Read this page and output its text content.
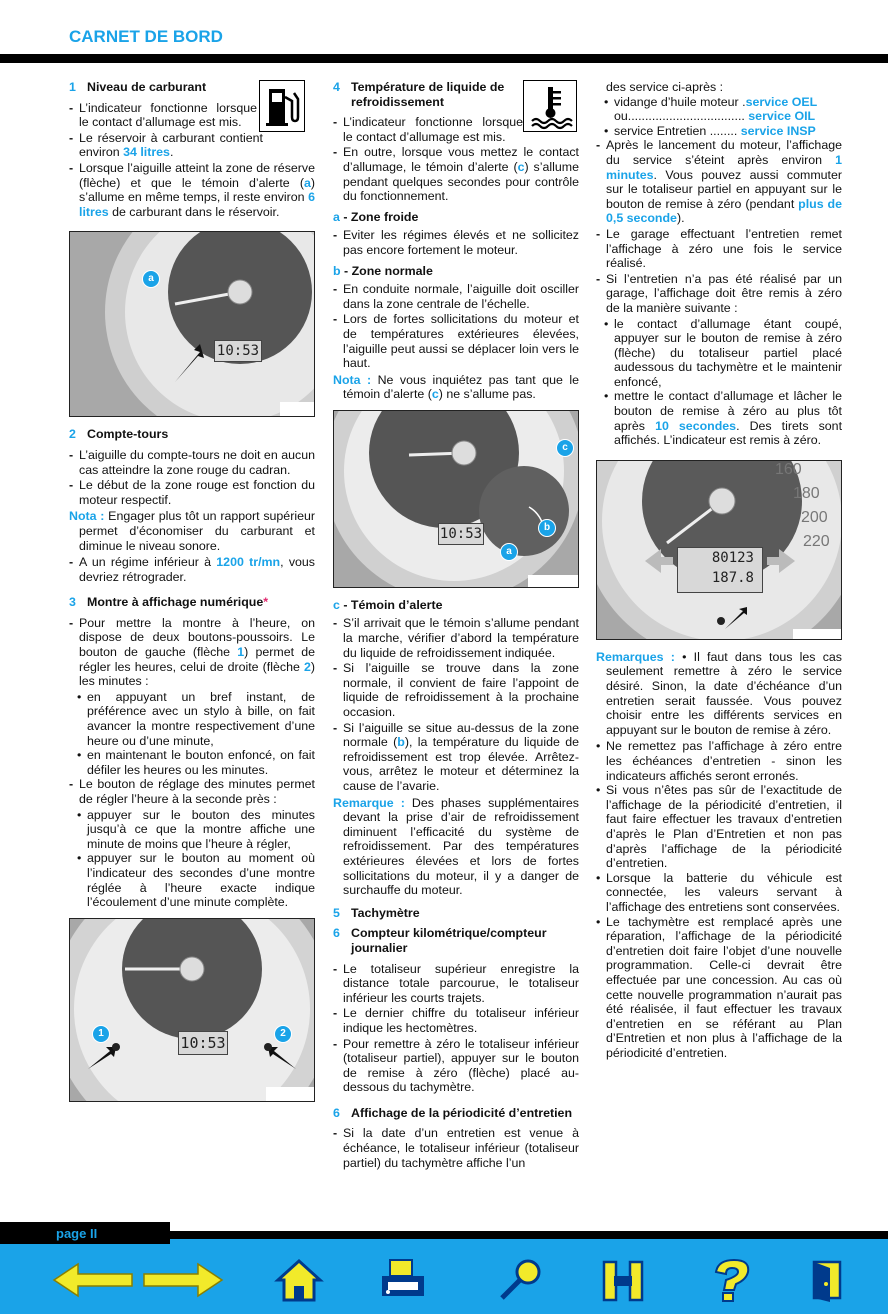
CARNET DE BORD
1 Niveau de carburant
- L’indicateur fonctionne lorsque le contact d’allumage est mis.
- Le réservoir à carburant contient environ 34 litres.
- Lorsque l’aiguille atteint la zone de réserve (flèche) et que le témoin d’alerte (a) s’allume en même temps, il reste environ 6 litres de carburant dans le réservoir.
a
10:53
2 Compte-tours
- L’aiguille du compte-tours ne doit en aucun cas atteindre la zone rouge du cadran.
- Le début de la zone rouge est fonction du moteur respectif.
Nota : Engager plus tôt un rapport supérieur permet d’économiser du carburant et diminue le niveau sonore.
- A un régime inférieur à 1200 tr/mn, vous devriez rétrograder.
3 Montre à affichage numérique*
- Pour mettre la montre à l’heure, on dispose de deux boutons-poussoirs. Le bouton de gauche (flèche 1) permet de régler les heures, celui de droite (flèche 2) les minutes :
• en appuyant un bref instant, de préférence avec un stylo à bille, on fait avancer la montre respectivement d’une heure ou d’une minute,
• en maintenant le bouton enfoncé, on fait défiler les heures ou les minutes.
- Le bouton de réglage des minutes permet de régler l’heure à la seconde près :
• appuyer sur le bouton des minutes jusqu’à ce que la montre affiche une minute de moins que l’heure à régler,
• appuyer sur le bouton au moment où l’indicateur des secondes d’une montre réglée à l’heure exacte indique l’écoulement d’une minute complète.
1	2
10:53
4 Température de liquide de refroidissement
- L’indicateur fonctionne lorsque le contact d’allumage est mis.
- En outre, lorsque vous mettez le contact d’allumage, le témoin d’alerte (c) s’allume pendant quelques secondes pour contrôle du fonctionnement.
a - Zone froide
- Eviter les régimes élevés et ne sollicitez pas encore fortement le moteur.
b - Zone normale
- En conduite normale, l’aiguille doit osciller dans la zone centrale de l’échelle.
- Lors de fortes sollicitations du moteur et de températures extérieures élevées, l’aiguille peut aussi se déplacer loin vers le haut.
Nota : Ne vous inquiétez pas tant que le témoin d’alerte (c) ne s’allume pas.
c
b
a
10:53
c - Témoin d’alerte
- S’il arrivait que le témoin s’allume pendant la marche, vérifier d’abord la température du liquide de refroidissement indiquée.
- Si l’aiguille se trouve dans la zone normale, il convient de faire l’appoint de liquide de refroidissement à la prochaine occasion.
- Si l’aiguille se situe au-dessus de la zone normale (b), la température du liquide de refroidissement est trop élevée. Arrêtez-vous, arrêtez le moteur et déterminez la cause de l’avarie.
Remarque : Des phases supplémentaires devant la prise d’air de refroidissement diminuent l’efficacité du système de refroidissement. Par des températures extérieures élevées et lors de fortes sollicitations du moteur, il y a danger de surchauffe du moteur.
5 Tachymètre
6 Compteur kilométrique/compteur journalier
- Le totaliseur supérieur enregistre la distance totale parcourue, le totaliseur inférieur les courts trajets.
- Le dernier chiffre du totaliseur inférieur indique les hectomètres.
- Pour remettre à zéro le totaliseur inférieur (totaliseur partiel), appuyer sur le bouton de remise à zéro (flèche) placé au-dessous du tachymètre.
6 Affichage de la périodicité d’entretien
- Si la date d’un entretien est venue à échéance, le totaliseur inférieur (totaliseur partiel) du tachymètre affiche l’un
des service ci-après :
• vidange d’huile moteur .service OEL
ou.................................. service OIL
• service Entretien ........ service INSP
- Après le lancement du moteur, l’affichage du service s’éteint après environ 1 minutes. Vous pouvez aussi commuter sur le totaliseur partiel en appuyant sur le bouton de remise à zéro (pendant plus de 0,5 seconde).
- Le garage effectuant l’entretien remet l’affichage à zéro une fois le service réalisé.
- Si l’entretien n’a pas été réalisé par un garage, l’affichage doit être remis à zéro de la manière suivante :
• le contact d’allumage étant coupé, appuyer sur le bouton de remise à zéro (flèche) du totaliseur partiel placé audessous du tachymètre et le maintenir enfoncé,
• mettre le contact d’allumage et lâcher le bouton de remise à zéro au plus tôt après 10 secondes. Des tirets sont affichés. L’indicateur est remis à zéro.
160
180
200
220
80123
187.8
Remarques : • Il faut dans tous les cas seulement remettre à zéro le service désiré. Sinon, la date d’échéance d’un entretien serait faussée. Vous pouvez choisir entre les différents services en appuyant sur le bouton de remise à zéro.
• Ne remettez pas l’affichage à zéro entre les échéances d’entretien - sinon les indicateurs affichés seront erronés.
• Si vous n’êtes pas sûr de l’exactitude de l’affichage de la périodicité d’entretien, il faut faire effectuer les travaux d’entretien d’après le Plan d’Entretien et non pas d’après l’affichage de la périodicité d’entretien.
• Lorsque la batterie du véhicule est connectée, les valeurs servant à l’affichage des entretiens sont conservées.
• Le tachymètre est remplacé après une réparation, l’affichage de la périodicité d’entretien doit faire l’objet d’une nouvelle programmation. Celle-ci devrait être effectuée par une concession. Au cas où cette nouvelle programmation n’aurait pas été réalisée, il faut effectuer les travaux d’entretien en se référant au Plan d’Entretien et non plus à l’affichage de la périodicité d’entretien.
page II
